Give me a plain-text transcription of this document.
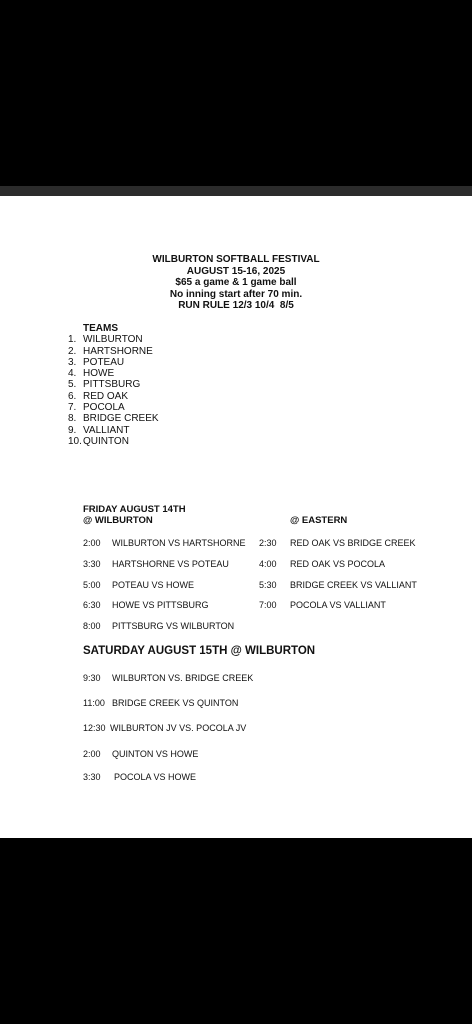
WILBURTON SOFTBALL FESTIVAL
AUGUST 15-16, 2025
$65 a game & 1 game ball
No inning start after 70 min.
RUN RULE 12/3 10/4  8/5
TEAMS
1. WILBURTON
2. HARTSHORNE
3. POTEAU
4. HOWE
5. PITTSBURG
6. RED OAK
7. POCOLA
8. BRIDGE CREEK
9. VALLIANT
10. QUINTON
FRIDAY AUGUST 14TH
@ WILBURTON	@ EASTERN
2:00 WILBURTON VS HARTSHORNE
3:30 HARTSHORNE VS POTEAU
5:00 POTEAU VS HOWE
6:30 HOWE VS PITTSBURG
8:00 PITTSBURG VS WILBURTON
2:30 RED OAK VS BRIDGE CREEK
4:00 RED OAK VS POCOLA
5:30 BRIDGE CREEK VS VALLIANT
7:00 POCOLA VS VALLIANT
SATURDAY AUGUST 15TH @ WILBURTON
9:30 WILBURTON VS. BRIDGE CREEK
11:00 BRIDGE CREEK VS QUINTON
12:30 WILBURTON JV VS. POCOLA JV
2:00 QUINTON VS HOWE
3:30 POCOLA VS HOWE
